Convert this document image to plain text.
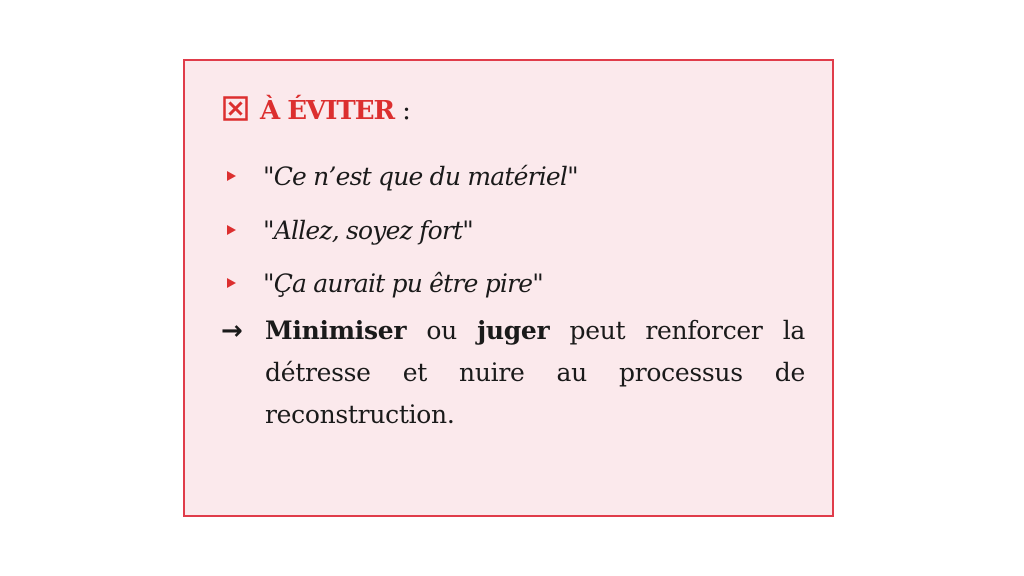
À ÉVITER :
" Ce n’est que du matériel "
" Allez, soyez fort "
" Ça aurait pu être pire "
→ Minimiser ou juger peut renforcer la détresse et nuire au processus de reconstruction.
